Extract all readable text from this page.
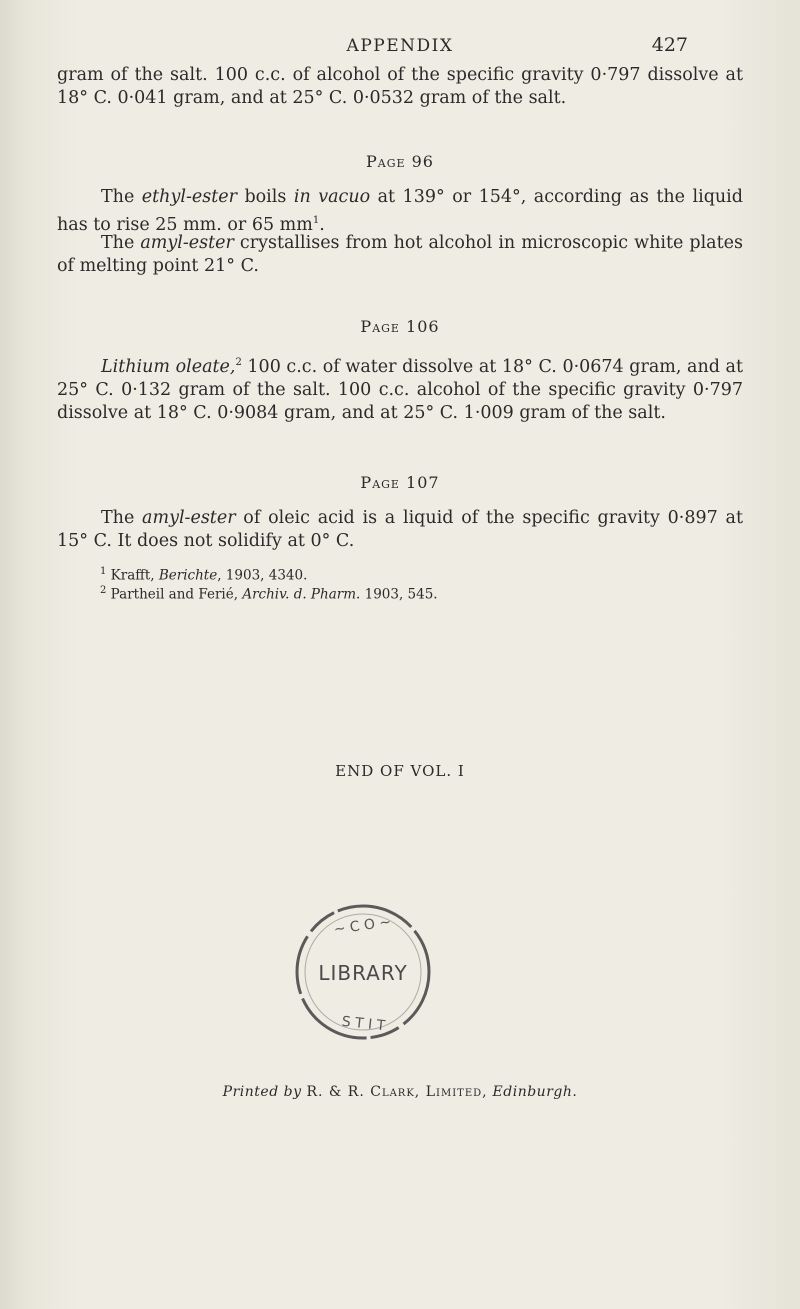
APPENDIX	427
gram of the salt. 100 c.c. of alcohol of the specific gravity 0·797 dissolve at 18° C. 0·041 gram, and at 25° C. 0·0532 gram of the salt.
Page 96
The ethyl-ester boils in vacuo at 139° or 154°, according as the liquid has to rise 25 mm. or 65 $mm^1$.
The amyl-ester crystallises from hot alcohol in microscopic white plates of melting point 21° C.
Page 106
Lithium oleate,$^2$ 100 c.c. of water dissolve at 18° C. 0·0674 gram, and at 25° C. 0·132 gram of the salt. 100 c.c. alcohol of the specific gravity 0·797 dissolve at 18° C. 0·9084 gram, and at 25° C. 1·009 gram of the salt.
Page 107
The amyl-ester of oleic acid is a liquid of the specific gravity 0·897 at 15° C. It does not solidify at 0° C.
$^1$ Krafft, Berichte, 1903, 4340.
$^2$ Partheil and Ferié, Archiv. d. Pharm. 1903, 545.
END OF VOL. I
LIBRARY
~ C O ~
S T I T
Printed by R. & R. Clark, Limited, Edinburgh.
